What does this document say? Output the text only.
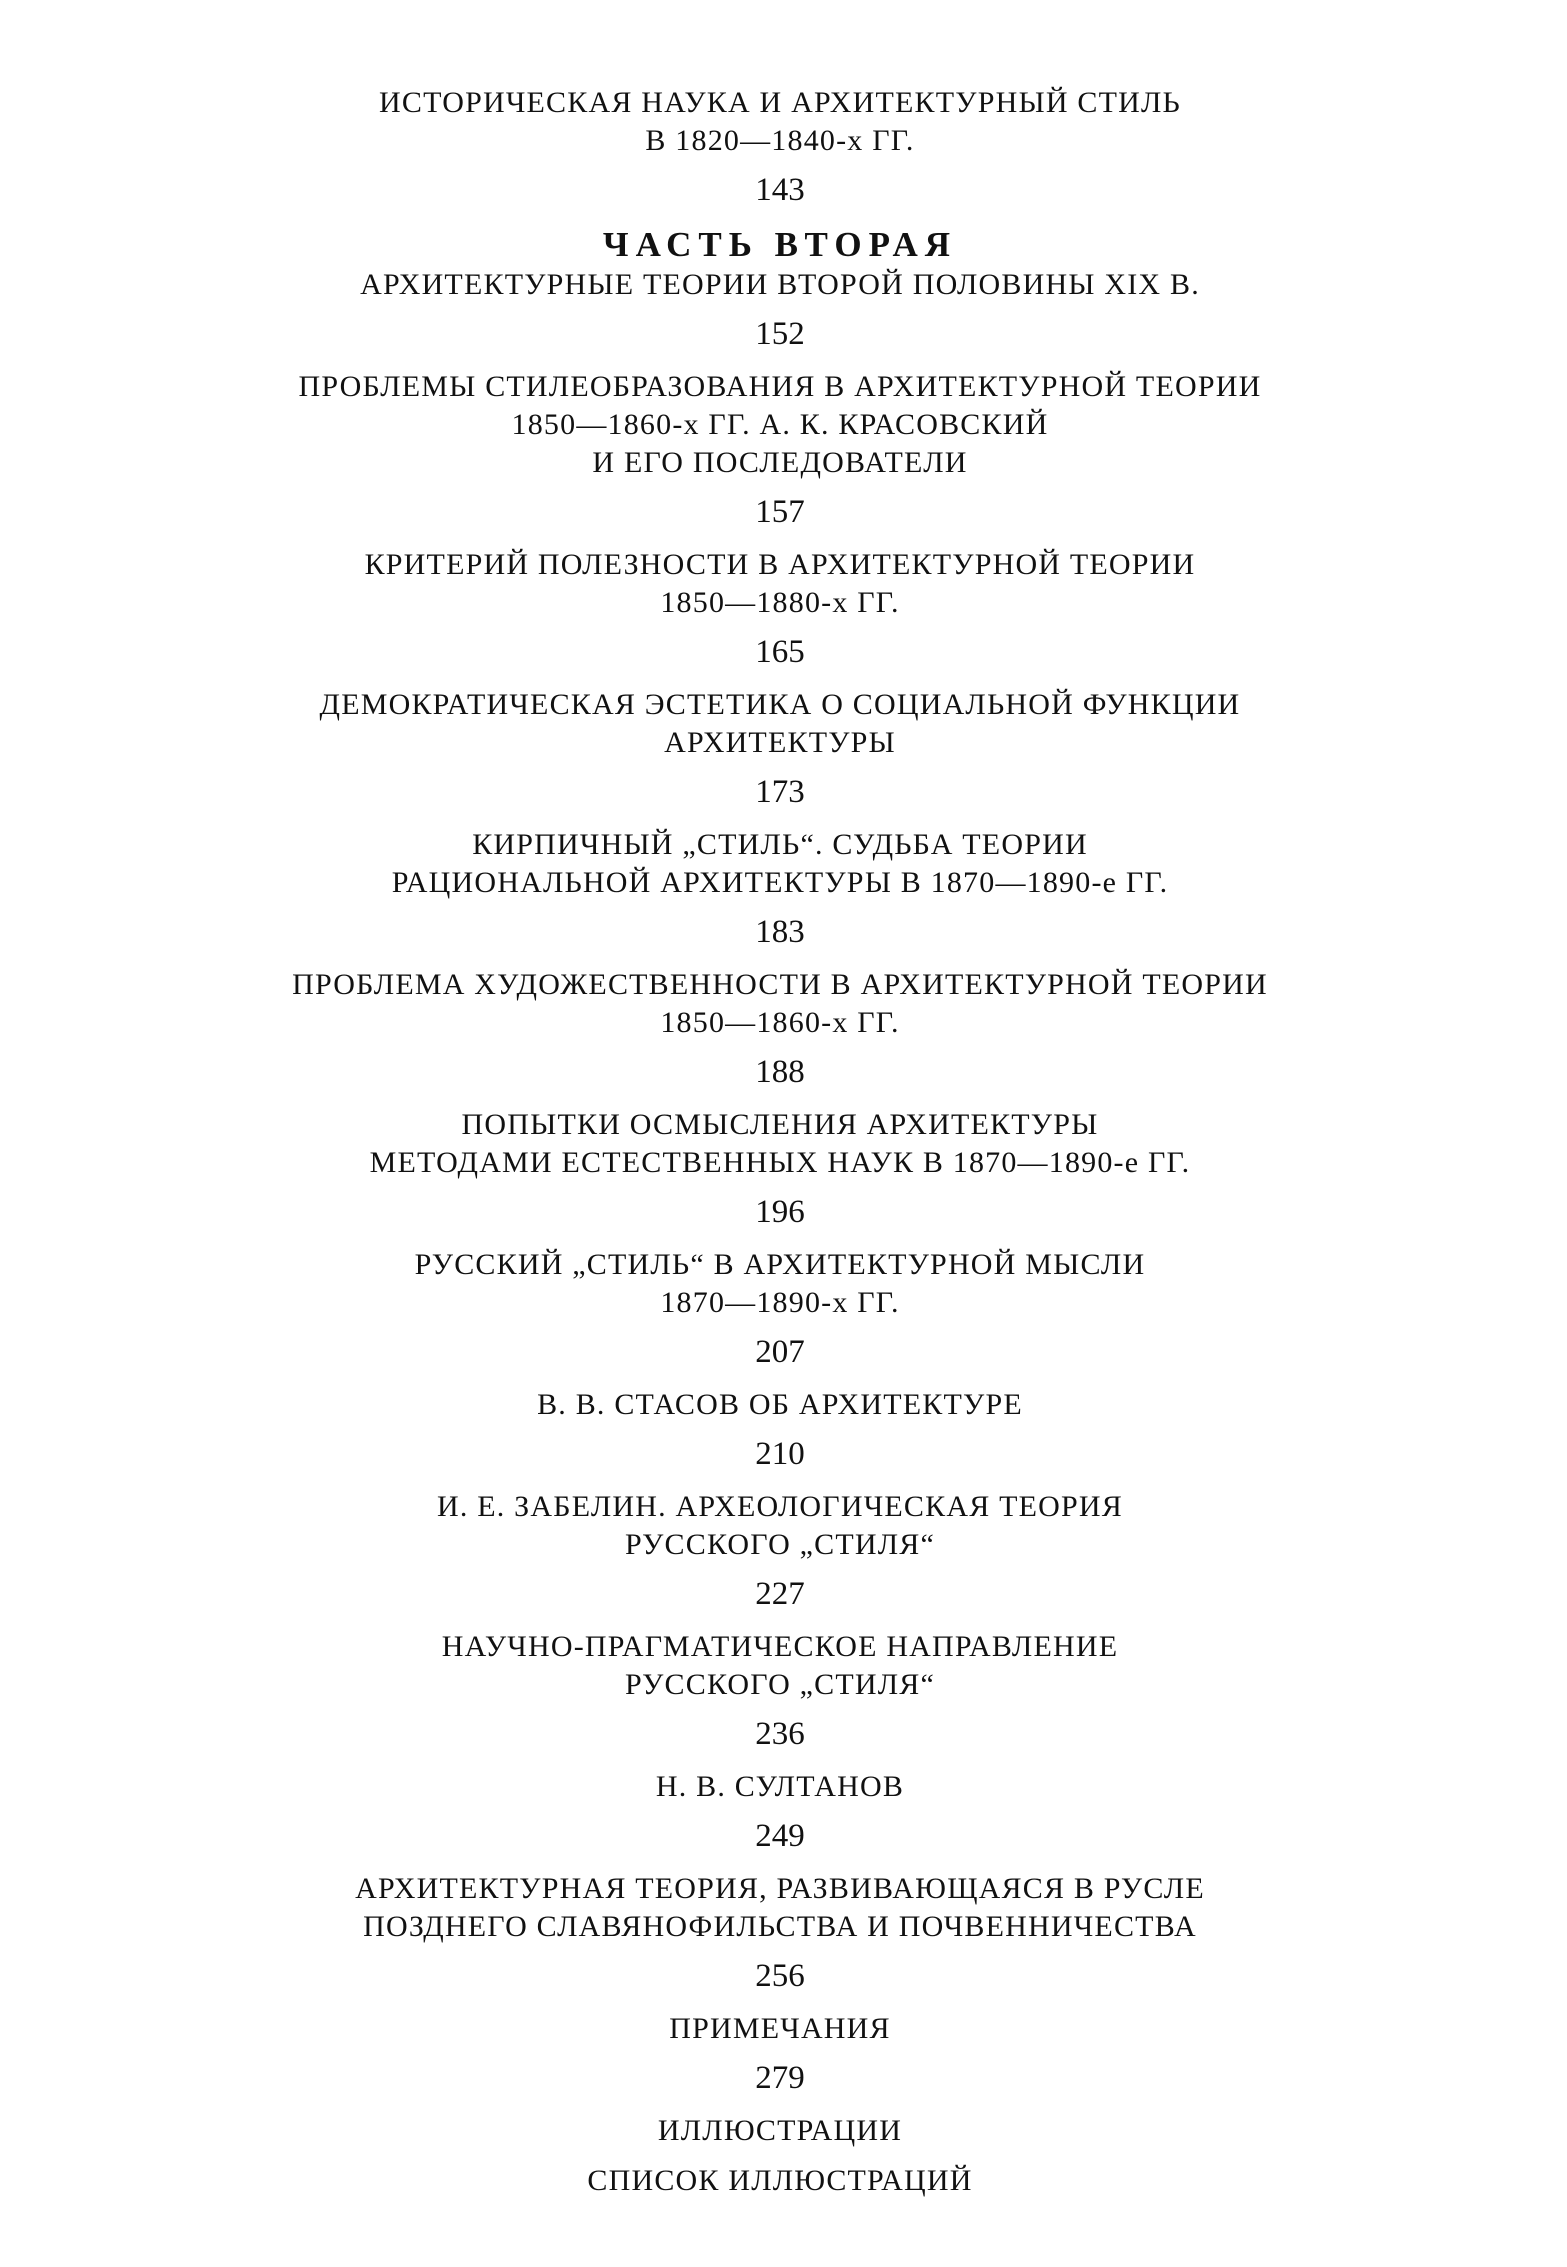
ИСТОРИЧЕСКАЯ НАУКА И АРХИТЕКТУРНЫЙ СТИЛЬ
В 1820—1840-х ГГ.
143
ЧАСТЬ ВТОРАЯ
АРХИТЕКТУРНЫЕ ТЕОРИИ ВТОРОЙ ПОЛОВИНЫ XIX В.
152
ПРОБЛЕМЫ СТИЛЕОБРАЗОВАНИЯ В АРХИТЕКТУРНОЙ ТЕОРИИ
1850—1860-х ГГ. А. К. КРАСОВСКИЙ
И ЕГО ПОСЛЕДОВАТЕЛИ
157
КРИТЕРИЙ ПОЛЕЗНОСТИ В АРХИТЕКТУРНОЙ ТЕОРИИ
1850—1880-х ГГ.
165
ДЕМОКРАТИЧЕСКАЯ ЭСТЕТИКА О СОЦИАЛЬНОЙ ФУНКЦИИ
АРХИТЕКТУРЫ
173
КИРПИЧНЫЙ „СТИЛЬ“. СУДЬБА ТЕОРИИ
РАЦИОНАЛЬНОЙ АРХИТЕКТУРЫ В 1870—1890-е ГГ.
183
ПРОБЛЕМА ХУДОЖЕСТВЕННОСТИ В АРХИТЕКТУРНОЙ ТЕОРИИ
1850—1860-х ГГ.
188
ПОПЫТКИ ОСМЫСЛЕНИЯ АРХИТЕКТУРЫ
МЕТОДАМИ ЕСТЕСТВЕННЫХ НАУК В 1870—1890-е ГГ.
196
РУССКИЙ „СТИЛЬ“ В АРХИТЕКТУРНОЙ МЫСЛИ
1870—1890-х ГГ.
207
В. В. СТАСОВ ОБ АРХИТЕКТУРЕ
210
И. Е. ЗАБЕЛИН. АРХЕОЛОГИЧЕСКАЯ ТЕОРИЯ
РУССКОГО „СТИЛЯ“
227
НАУЧНО-ПРАГМАТИЧЕСКОЕ НАПРАВЛЕНИЕ
РУССКОГО „СТИЛЯ“
236
Н. В. СУЛТАНОВ
249
АРХИТЕКТУРНАЯ ТЕОРИЯ, РАЗВИВАЮЩАЯСЯ В РУСЛЕ
ПОЗДНЕГО СЛАВЯНОФИЛЬСТВА И ПОЧВЕННИЧЕСТВА
256
ПРИМЕЧАНИЯ
279
ИЛЛЮСТРАЦИИ
СПИСОК ИЛЛЮСТРАЦИЙ
